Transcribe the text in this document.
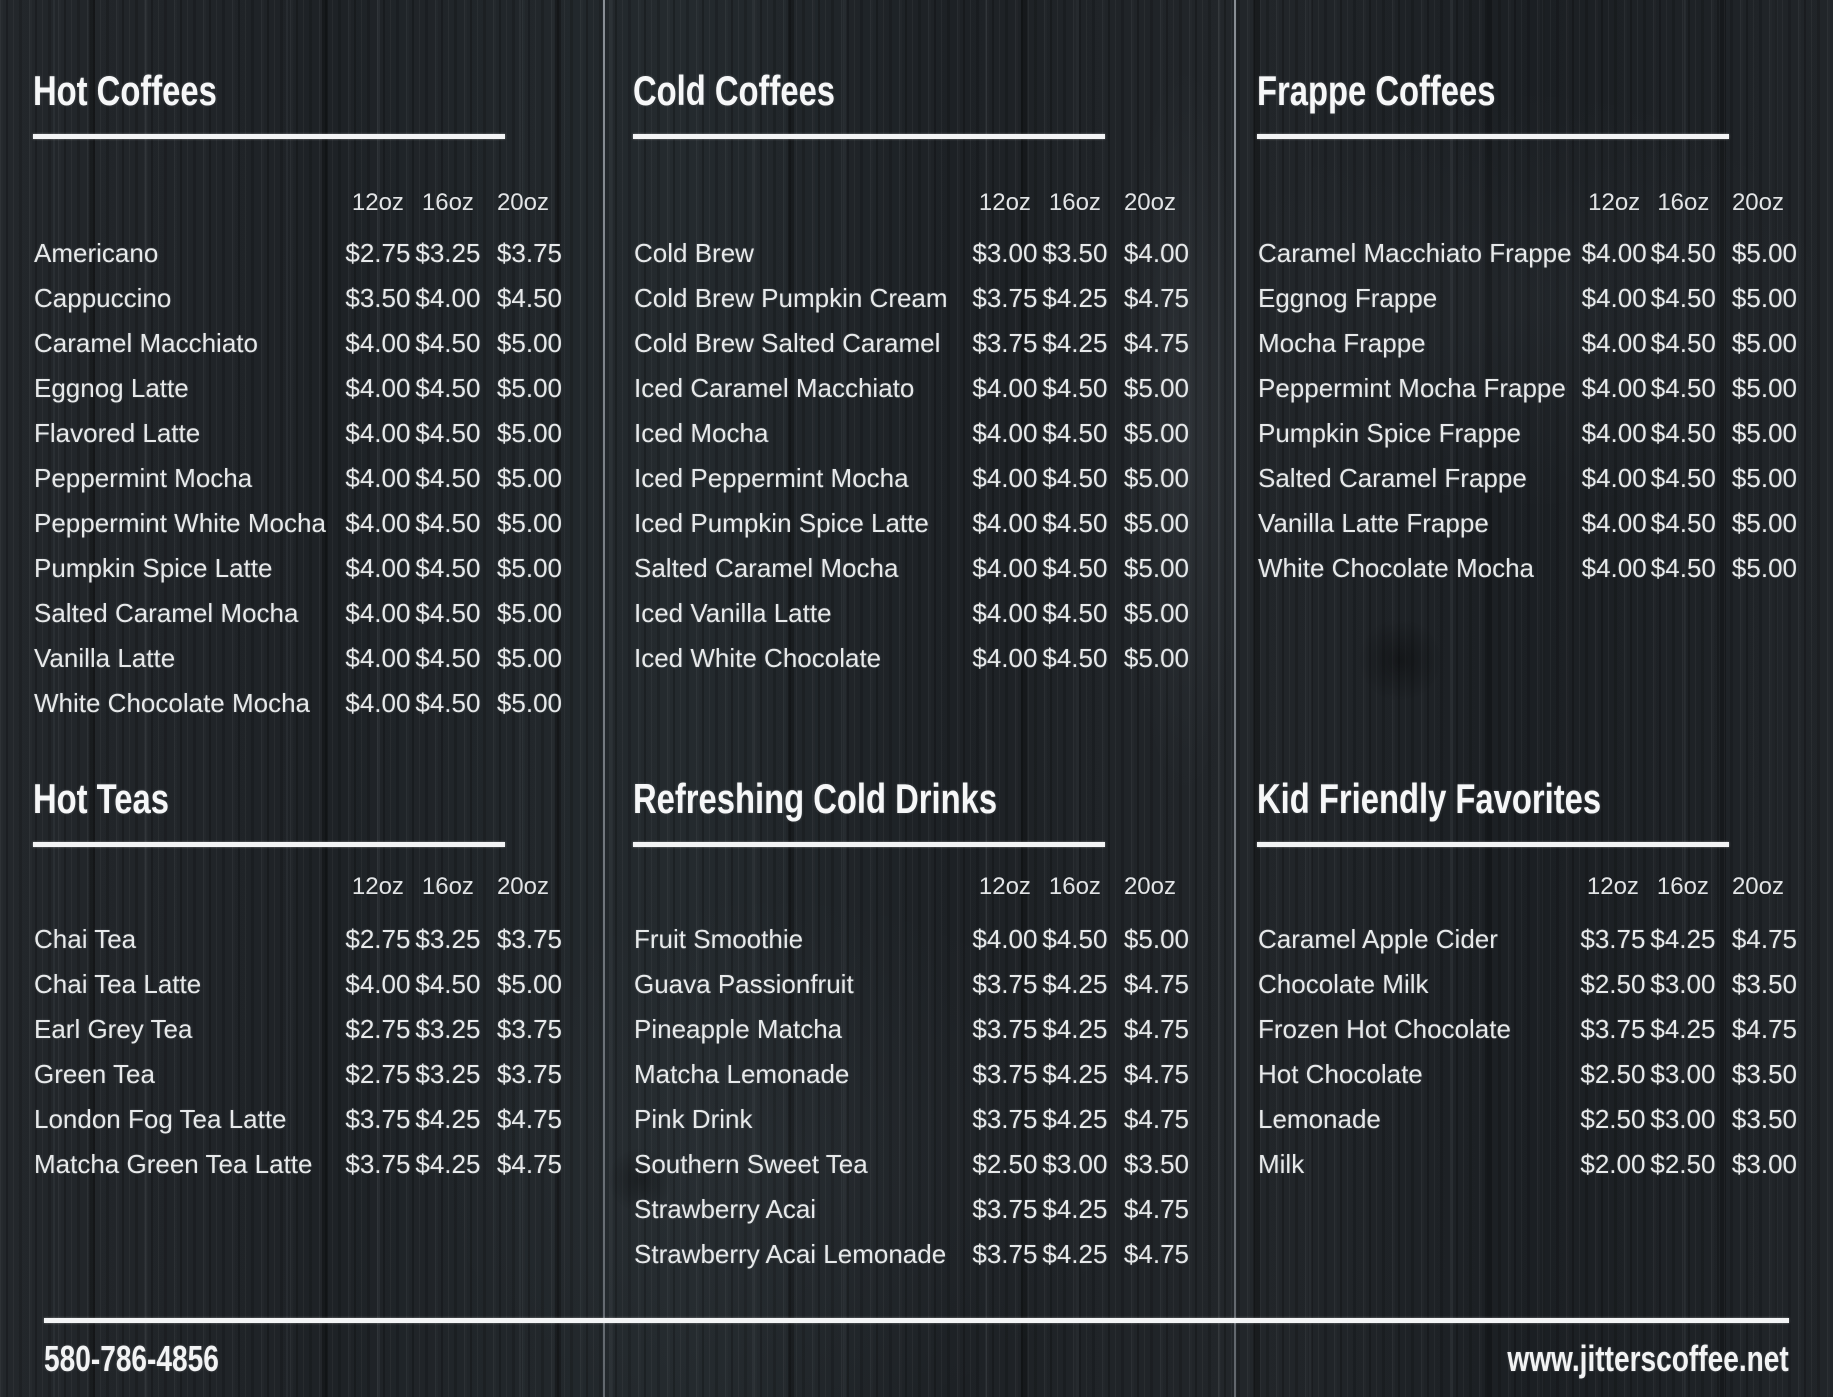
Hot Coffees
	12oz	16oz	20oz
Americano	$2.75	$3.25	$3.75
Cappuccino	$3.50	$4.00	$4.50
Caramel Macchiato	$4.00	$4.50	$5.00
Eggnog Latte	$4.00	$4.50	$5.00
Flavored Latte	$4.00	$4.50	$5.00
Peppermint Mocha	$4.00	$4.50	$5.00
Peppermint White Mocha	$4.00	$4.50	$5.00
Pumpkin Spice Latte	$4.00	$4.50	$5.00
Salted Caramel Mocha	$4.00	$4.50	$5.00
Vanilla Latte	$4.00	$4.50	$5.00
White Chocolate Mocha	$4.00	$4.50	$5.00
Cold Coffees
	12oz	16oz	20oz
Cold Brew	$3.00	$3.50	$4.00
Cold Brew Pumpkin Cream	$3.75	$4.25	$4.75
Cold Brew Salted Caramel	$3.75	$4.25	$4.75
Iced Caramel Macchiato	$4.00	$4.50	$5.00
Iced Mocha	$4.00	$4.50	$5.00
Iced Peppermint Mocha	$4.00	$4.50	$5.00
Iced Pumpkin Spice Latte	$4.00	$4.50	$5.00
Salted Caramel Mocha	$4.00	$4.50	$5.00
Iced Vanilla Latte	$4.00	$4.50	$5.00
Iced White Chocolate	$4.00	$4.50	$5.00
Frappe Coffees
	12oz	16oz	20oz
Caramel Macchiato Frappe	$4.00	$4.50	$5.00
Eggnog Frappe	$4.00	$4.50	$5.00
Mocha Frappe	$4.00	$4.50	$5.00
Peppermint Mocha Frappe	$4.00	$4.50	$5.00
Pumpkin Spice Frappe	$4.00	$4.50	$5.00
Salted Caramel Frappe	$4.00	$4.50	$5.00
Vanilla Latte Frappe	$4.00	$4.50	$5.00
White Chocolate Mocha	$4.00	$4.50	$5.00
Hot Teas
	12oz	16oz	20oz
Chai Tea	$2.75	$3.25	$3.75
Chai Tea Latte	$4.00	$4.50	$5.00
Earl Grey Tea	$2.75	$3.25	$3.75
Green Tea	$2.75	$3.25	$3.75
London Fog Tea Latte	$3.75	$4.25	$4.75
Matcha Green Tea Latte	$3.75	$4.25	$4.75
Refreshing Cold Drinks
	12oz	16oz	20oz
Fruit Smoothie	$4.00	$4.50	$5.00
Guava Passionfruit	$3.75	$4.25	$4.75
Pineapple Matcha	$3.75	$4.25	$4.75
Matcha Lemonade	$3.75	$4.25	$4.75
Pink Drink	$3.75	$4.25	$4.75
Southern Sweet Tea	$2.50	$3.00	$3.50
Strawberry Acai	$3.75	$4.25	$4.75
Strawberry Acai Lemonade	$3.75	$4.25	$4.75
Kid Friendly Favorites
	12oz	16oz	20oz
Caramel Apple Cider	$3.75	$4.25	$4.75
Chocolate Milk	$2.50	$3.00	$3.50
Frozen Hot Chocolate	$3.75	$4.25	$4.75
Hot Chocolate	$2.50	$3.00	$3.50
Lemonade	$2.50	$3.00	$3.50
Milk	$2.00	$2.50	$3.00
580-786-4856	www.jitterscoffee.net
